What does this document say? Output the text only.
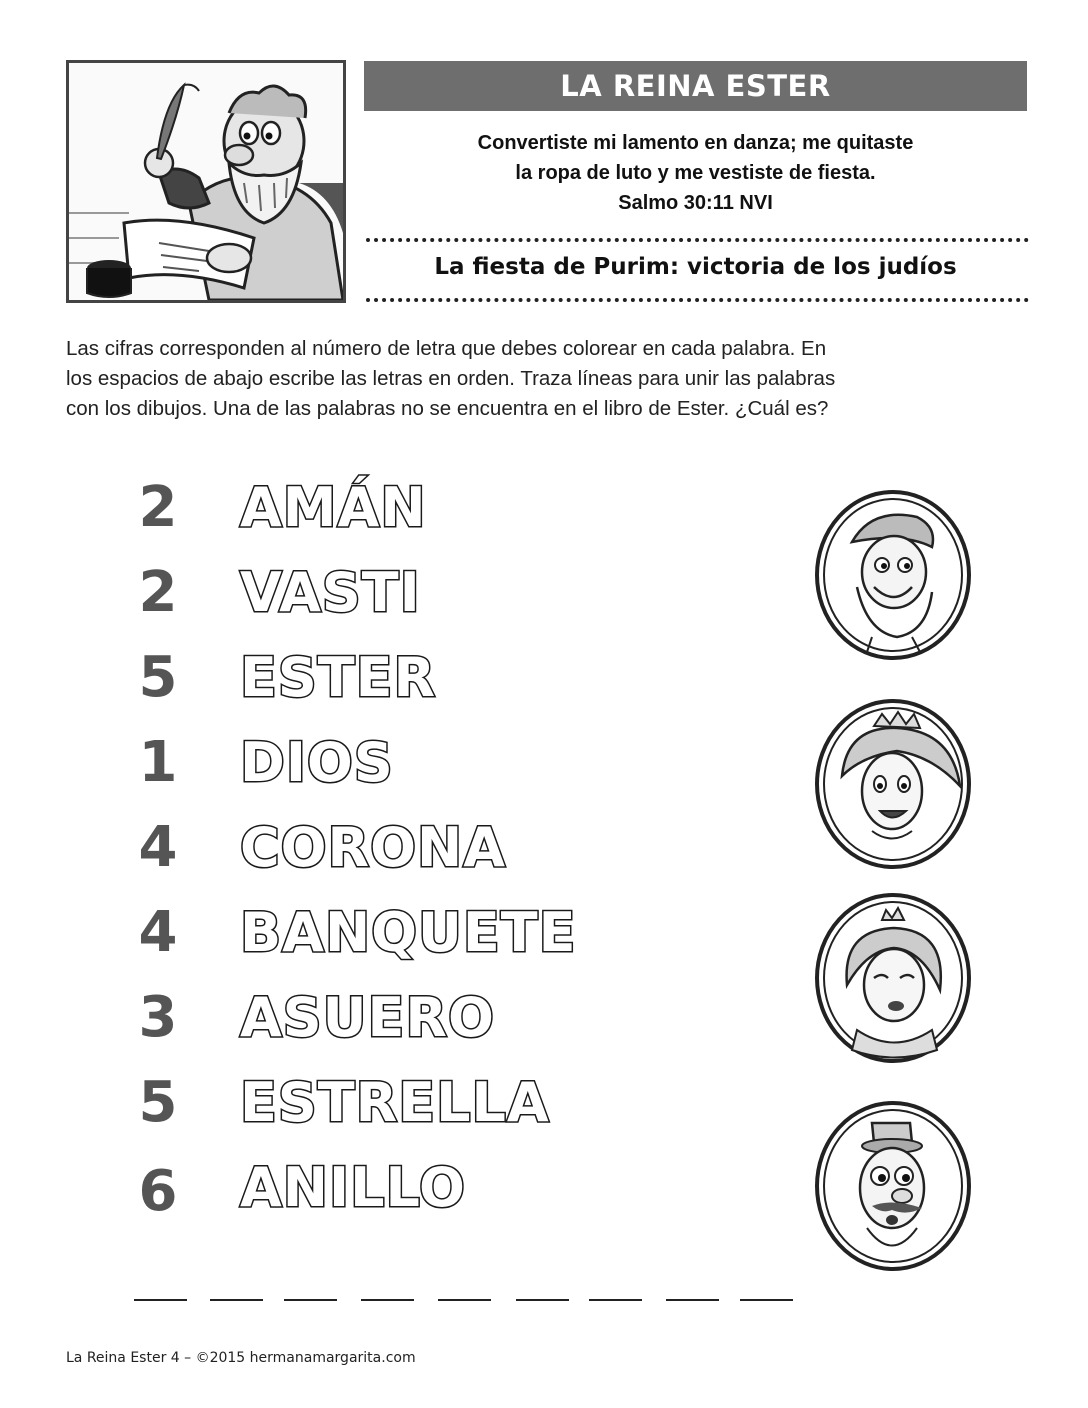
LA REINA ESTER
Convertiste mi lamento en danza; me quitaste
la ropa de luto y me vestiste de fiesta.
Salmo 30:11 NVI
La fiesta de Purim: victoria de los judíos
Las cifras corresponden al número de letra que debes colorear en cada palabra. En
los espacios de abajo escribe las letras en orden. Traza líneas para unir las palabras
con los dibujos. Una de las palabras no se encuentra en el libro de Ester. ¿Cuál es?
2 AMÁN
2 VASTI
5 ESTER
1 DIOS
4 CORONA
4 BANQUETE
3 ASUERO
5 ESTRELLA
6 ANILLO
La Reina Ester 4 – ©2015 hermanamargarita.com
